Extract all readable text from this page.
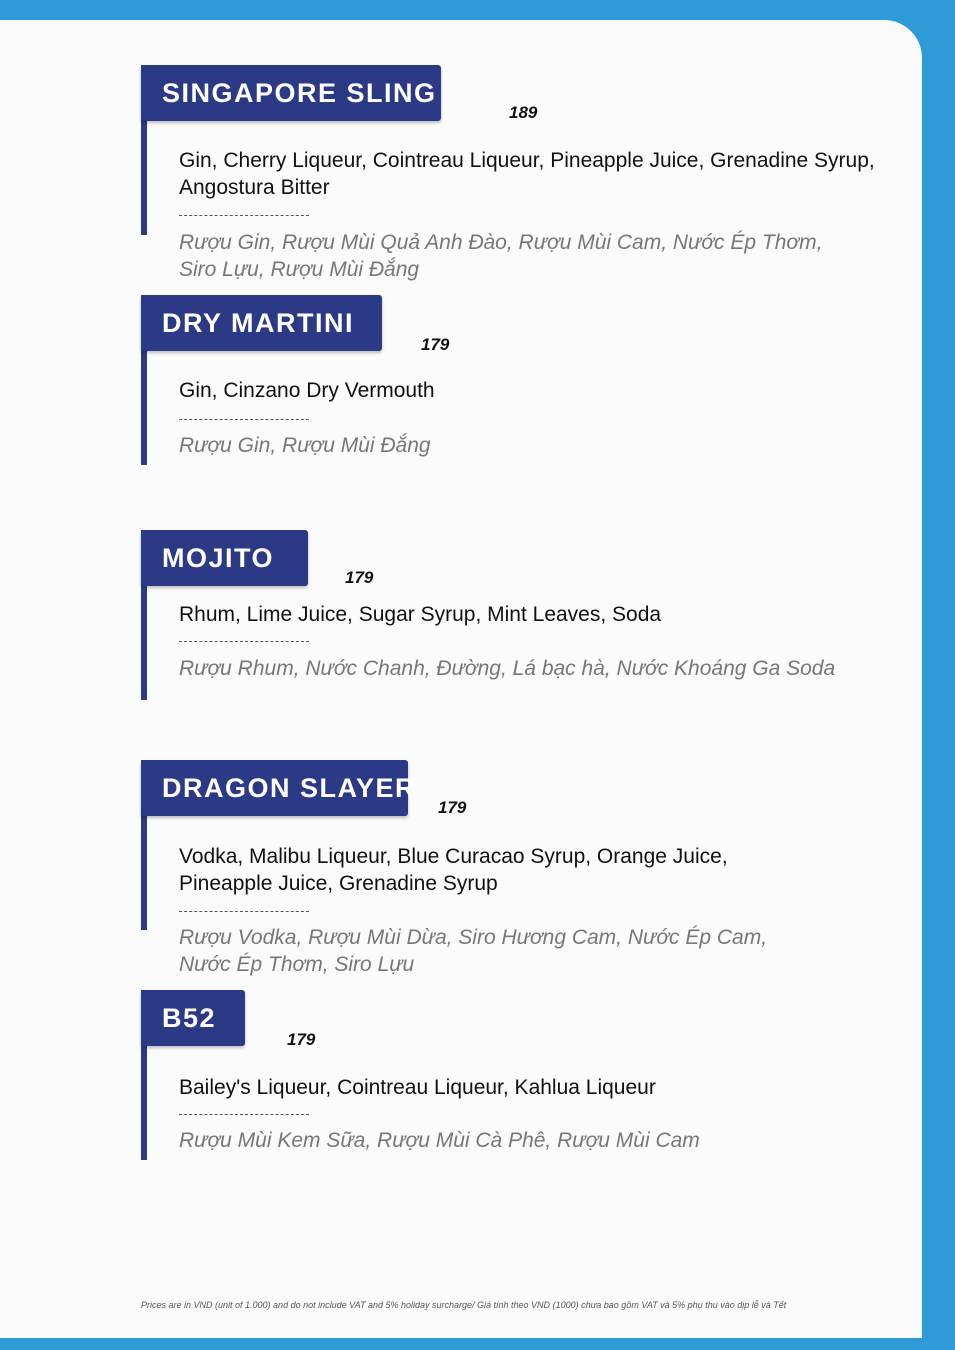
SINGAPORE SLING
189
Gin, Cherry Liqueur, Cointreau Liqueur, Pineapple Juice, Grenadine Syrup,
Angostura Bitter
Rượu Gin, Rượu Mùi Quả Anh Đào, Rượu Mùi Cam, Nước Ép Thơm,
Siro Lựu, Rượu Mùi Đắng
DRY MARTINI
179
Gin, Cinzano Dry Vermouth
Rượu Gin, Rượu Mùi Đắng
MOJITO
179
Rhum, Lime Juice, Sugar Syrup, Mint Leaves, Soda
Rượu Rhum, Nước Chanh, Đường, Lá bạc hà, Nước Khoáng Ga Soda
DRAGON SLAYER
179
Vodka, Malibu Liqueur, Blue Curacao Syrup, Orange Juice,
Pineapple Juice, Grenadine Syrup
Rượu Vodka, Rượu Mùi Dừa, Siro Hương Cam, Nước Ép Cam,
Nước Ép Thơm, Siro Lựu
B52
179
Bailey's Liqueur, Cointreau Liqueur, Kahlua Liqueur
Rượu Mùi Kem Sữa, Rượu Mùi Cà Phê, Rượu Mùi Cam
Prices are in VND (unit of 1.000) and do not include VAT and 5% holiday surcharge/ Giá tính theo VND (1000) chưa bao gồm VAT và 5% phụ thu vào dịp lễ và Tết
